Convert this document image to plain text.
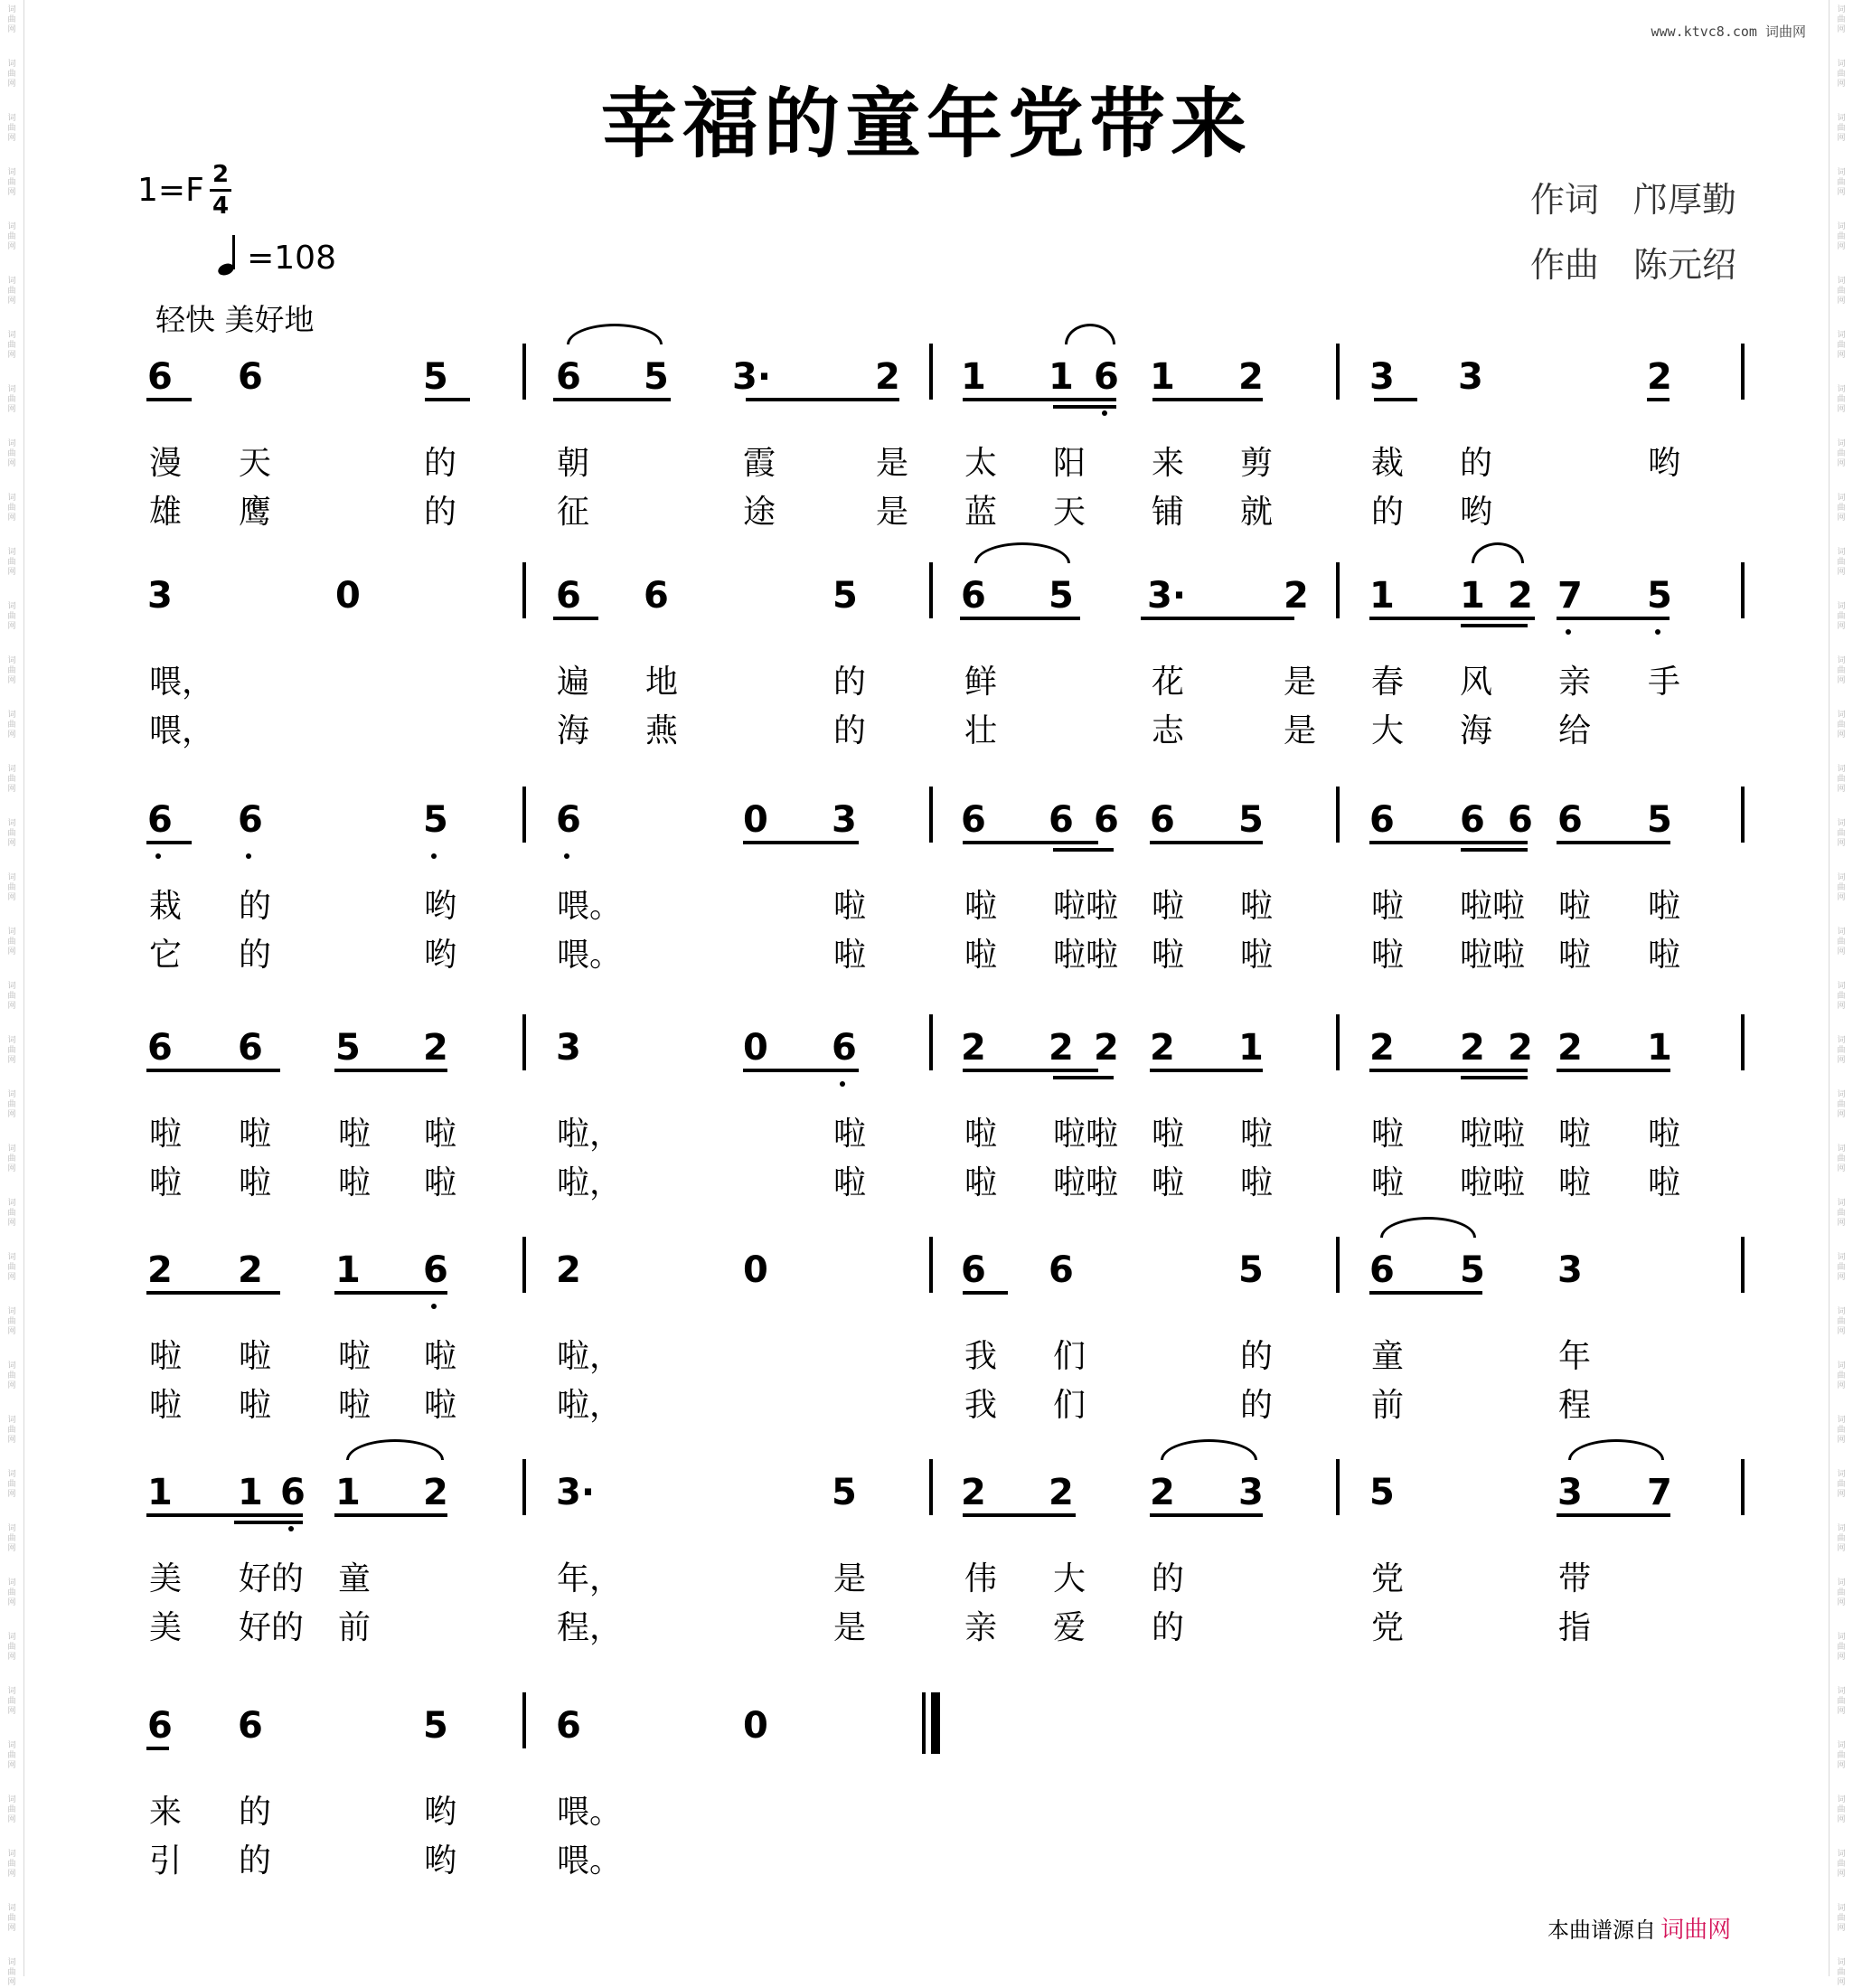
词
曲
网
词
曲
网
词
曲
网
词
曲
网
词
曲
网
词
曲
网
词
曲
网
词
曲
网
词
曲
网
词
曲
网
词
曲
网
词
曲
网
词
曲
网
词
曲
网
词
曲
网
词
曲
网
词
曲
网
词
曲
网
词
曲
网
词
曲
网
词
曲
网
词
曲
网
词
曲
网
词
曲
网
词
曲
网
词
曲
网
词
曲
网
词
曲
网
词
曲
网
词
曲
网
词
曲
网
词
曲
网
词
曲
网
词
曲
网
词
曲
网
词
曲
网
词
曲
网
词
曲
网
词
曲
网
词
曲
网
词
曲
网
词
曲
网
词
曲
网
词
曲
网
词
曲
网
词
曲
网
词
曲
网
词
曲
网
词
曲
网
词
曲
网
词
曲
网
词
曲
网
词
曲
网
词
曲
网
词
曲
网
词
曲
网
词
曲
网
词
曲
网
词
曲
网
词
曲
网
词
曲
网
词
曲
网
词
曲
网
词
曲
网
词
曲
网
词
曲
网
词
曲
网
词
曲
网
词
曲
网
词
曲
网
词
曲
网
词
曲
网
词
曲
网
词
曲
网
www.ktvc8.com 词曲网
幸福的童年党带来
作词　邝厚勤
作曲　陈元绍
1=F 2
4
=108
轻快 美好地
6 6	5	6 5 3·	2 1 1 6 1 2	3 3	2
漫 天	的	朝	霞	是 太 阳 来 剪	裁 的	哟
雄 鹰	的	征	途	是 蓝 天 铺 就	的 哟
3	0	6 6	5	6 5 3·	2 1 1 2 7 5
喂，	遍 地	的	鲜	花	是 春 风 亲 手
喂，	海 燕	的	壮	志	是 大 海 给
6 6	5	6	0 3	6 6 6 6 5	6 6 6 6 5
栽 的	哟	喂。	啦	啦 啦啦 啦 啦	啦 啦啦 啦 啦
它 的	哟	喂。	啦	啦 啦啦 啦 啦	啦 啦啦 啦 啦
6 6 5 2	3	0 6	2 2 2 2 1	2 2 2 2 1
啦 啦 啦 啦	啦，	啦	啦 啦啦 啦 啦	啦 啦啦 啦 啦
啦 啦 啦 啦	啦，	啦	啦 啦啦 啦 啦	啦 啦啦 啦 啦
2 2 1 6	2	0	6 6	5	6 5 3
啦 啦 啦 啦	啦，	我 们	的	童	年
啦 啦 啦 啦	啦，	我 们	的	前	程
1 1 6 1 2	3·	5	2 2 2 3	5	3 7
美 好的 童	年，	是	伟 大 的	党	带
美 好的 前	程，	是	亲 爱 的	党	指
6 6	5	6	0
来 的	哟	喂。
引 的	哟	喂。
本曲谱源自 词曲网
